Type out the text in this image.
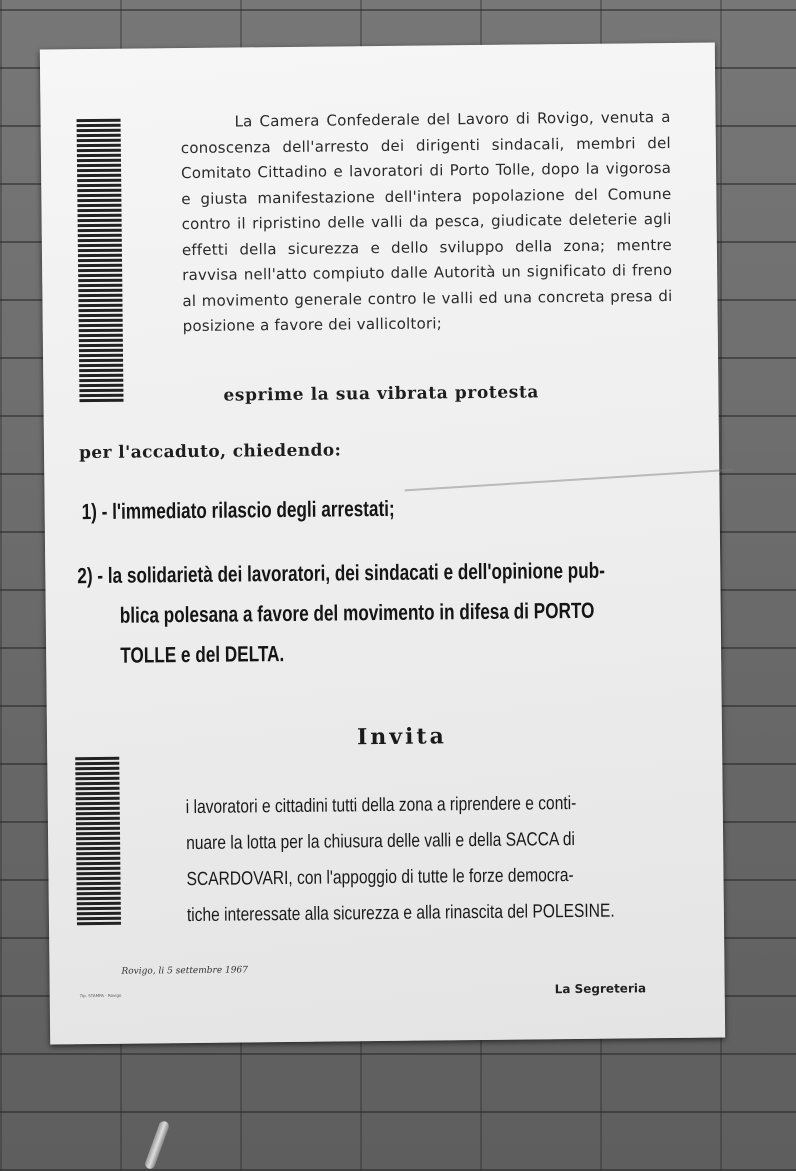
La Camera Confederale del Lavoro di Rovigo, venuta a conoscenza dell'arresto dei dirigenti sindacali, membri del Comitato Cittadino e lavoratori di Porto Tolle, dopo la vigorosa e giusta manifestazione dell'intera popolazione del Comune contro il ripristino delle valli da pesca, giudicate deleterie agli effetti della sicurezza e dello sviluppo della zona; mentre ravvisa nell'atto compiuto dalle Autorità un significato di freno al movimento generale contro le valli ed una concreta presa di posizione a favore dei vallicoltori;

esprime la sua vibrata protesta
per l'accaduto, chiedendo:
1) - l'immediato rilascio degli arrestati;
2) - la solidarietà dei lavoratori, dei sindacati e dell'opinione pub-
blica polesana a favore del movimento in difesa di PORTO
TOLLE e del DELTA.
Invita
i lavoratori e cittadini tutti della zona a riprendere e conti-
nuare la lotta per la chiusura delle valli e della SACCA di
SCARDOVARI, con l'appoggio di tutte le forze democra-
tiche interessate alla sicurezza e alla rinascita del POLESINE.
Rovigo, li 5 settembre 1967
Tip. STAMPA - Rovigo	La Segreteria
